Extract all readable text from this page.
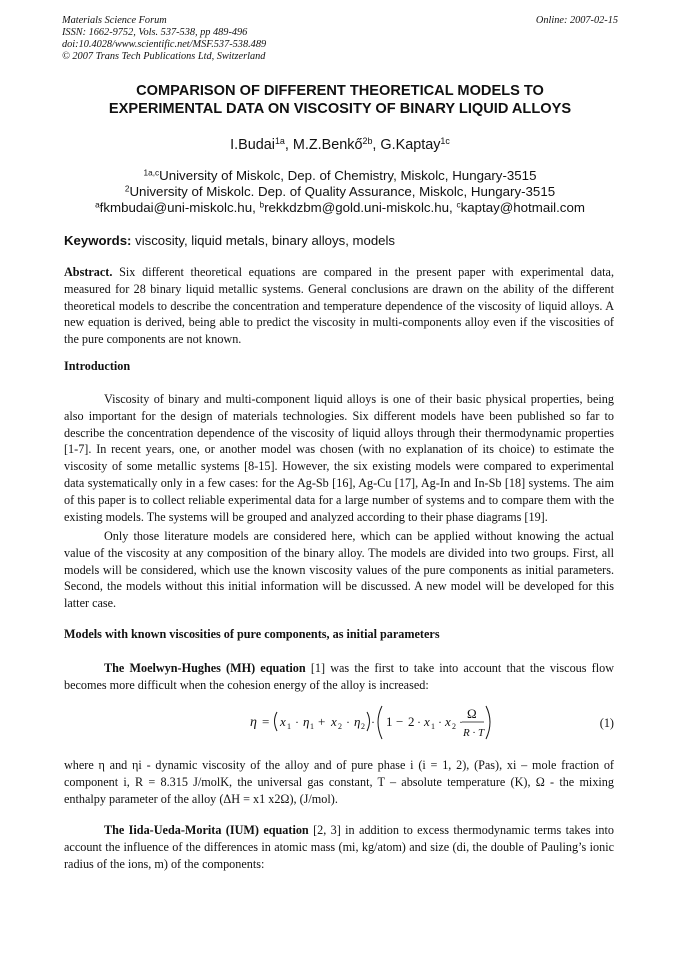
Materials Science Forum
ISSN: 1662-9752, Vols. 537-538, pp 489-496
doi:10.4028/www.scientific.net/MSF.537-538.489
© 2007 Trans Tech Publications Ltd, Switzerland
Online: 2007-02-15
COMPARISON OF DIFFERENT THEORETICAL MODELS TO
EXPERIMENTAL DATA ON VISCOSITY OF BINARY LIQUID ALLOYS
I.Budai$^{1a}$, M.Z.Benkő$^{2b}$, G.Kaptay$^{1c}$
$^{1a,c}$University of Miskolc, Dep. of Chemistry, Miskolc, Hungary-3515
$^2$University of Miskolc. Dep. of Quality Assurance, Miskolc, Hungary-3515
$^a$fkmbudai@uni-miskolc.hu, $^b$rekkdzbm@gold.uni-miskolc.hu, $^c$kaptay@hotmail.com
Keywords: viscosity, liquid metals, binary alloys, models
Abstract. Six different theoretical equations are compared in the present paper with experimental data, measured for 28 binary liquid metallic systems. General conclusions are drawn on the ability of the different theoretical models to describe the concentration and temperature dependence of the viscosity of liquid alloys. A new equation is derived, being able to predict the viscosity in multi-components alloy even if the viscosities of the pure components are not known.
Introduction
Viscosity of binary and multi-component liquid alloys is one of their basic physical properties, being also important for the design of materials technologies. Six different models have been published so far to describe the concentration dependence of the viscosity of liquid alloys through their thermodynamic properties [1-7]. In recent years, one, or another model was chosen (with no explanation of its choice) to estimate the viscosity of some metallic systems [8-15]. However, the six existing models were compared to experimental data systematically only in a few cases: for the Ag-Sb [16], Ag-Cu [17], Ag-In and In-Sb [18] systems. The aim of this paper is to collect reliable experimental data for a large number of systems and to compare them with the existing models. The systems will be grouped and analyzed according to their phase diagrams [19].
Only those literature models are considered here, which can be applied without knowing the actual value of the viscosity at any composition of the binary alloy. The models are divided into two groups. First, all models will be considered, which use the known viscosity values of the pure components as initial parameters. Second, the models without this initial information will be discussed. A new model will be developed for this latter case.
Models with known viscosities of pure components, as initial parameters
The Moelwyn-Hughes (MH) equation [1] was the first to take into account that the viscous flow becomes more difficult when the cohesion energy of the alloy is increased:
η = x 1 · η 1 + x 2 · η 2 · 1 − 2 · x 1 · x 2 ·
Ω
R · T
(1)
where η and ηi - dynamic viscosity of the alloy and of pure phase i (i = 1, 2), (Pas), xi – mole fraction of component i, R = 8.315 J/molK, the universal gas constant, T – absolute temperature (K), Ω - the mixing enthalpy parameter of the alloy (ΔH = x1 x2Ω), (J/mol).
The Iida-Ueda-Morita (IUM) equation [2, 3] in addition to excess thermodynamic terms takes into account the influence of the differences in atomic mass (mi, kg/atom) and size (di, the double of Pauling’s ionic radius of the ions, m) of the components:
